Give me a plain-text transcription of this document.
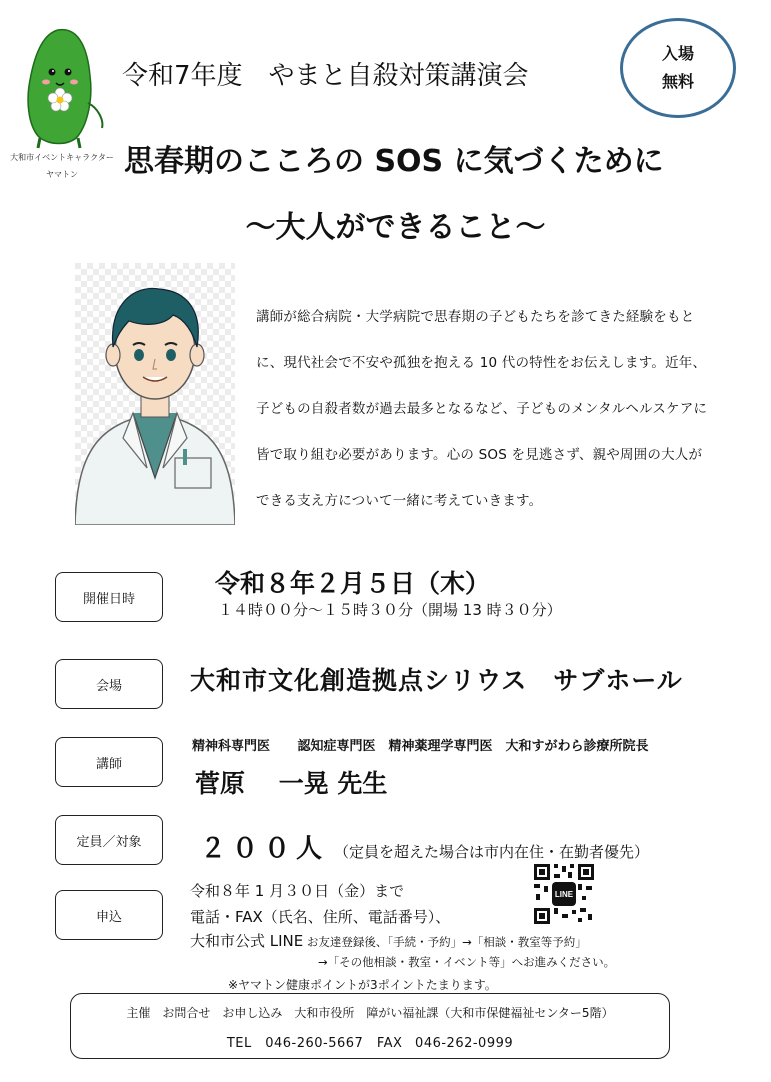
大和市イベントキャラクター
ヤマトン
令和7年度　やまと自殺対策講演会
入場
無料
思春期のこころの SOS に気づくために
～大人ができること～
講師が総合病院・大学病院で思春期の子どもたちを診てきた経験をもと
に、現代社会で不安や孤独を抱える 10 代の特性をお伝えします。近年、
子どもの自殺者数が過去最多となるなど、子どものメンタルヘルスケアに
皆で取り組む必要があります。心の SOS を見逃さず、親や周囲の大人が
できる支え方について一緒に考えていきます。
開催日時
会場
講師
定員／対象
申込
令和８年２月５日（木）
１４時００分～１５時３０分（開場 13 時３０分）
大和市文化創造拠点シリウス　サブホール
精神科専門医　 認知症専門医　精神薬理学専門医　大和すがわら診療所院長
菅原　 一晃 先生
２００人 （定員を超えた場合は市内在住・在勤者優先）
令和８年 1 月３０日（金）まで
電話・FAX（氏名、住所、電話番号）、
大和市公式 LINE お友達登録後、「手続・予約」→「相談・教室等予約」
→「その他相談・教室・イベント等」へお進みください。
LINE
※ヤマトン健康ポイントが3ポイントたまります。
主催　お問合せ　お申し込み　大和市役所　障がい福祉課（大和市保健福祉センター5階）
TEL　046-260-5667　FAX 046-262-0999
